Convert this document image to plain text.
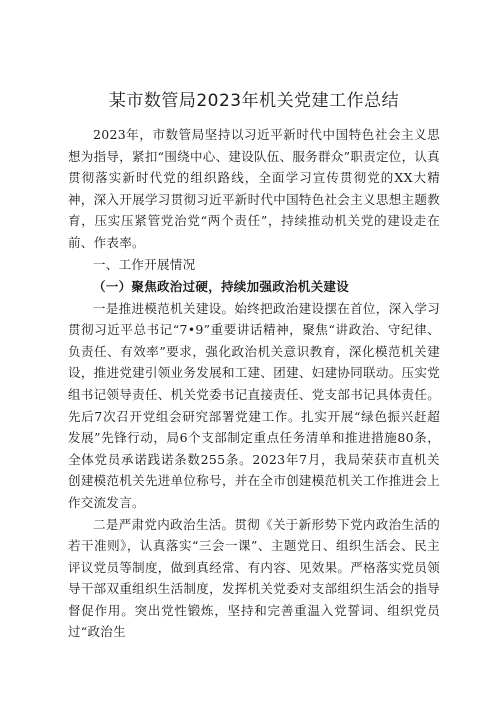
某市数管局2023年机关党建工作总结

2023年，市数管局坚持以习近平新时代中国特色社会主义思想为指导，紧扣“围绕中心、建设队伍、服务群众”职责定位，认真贯彻落实新时代党的组织路线，全面学习宣传贯彻党的XX大精神，深入开展学习贯彻习近平新时代中国特色社会主义思想主题教育，压实压紧管党治党“两个责任”，持续推动机关党的建设走在前、作表率。

一、工作开展情况

（一）聚焦政治过硬，持续加强政治机关建设

一是推进模范机关建设。始终把政治建设摆在首位，深入学习贯彻习近平总书记“7•9”重要讲话精神，聚焦“讲政治、守纪律、负责任、有效率”要求，强化政治机关意识教育，深化模范机关建设，推进党建引领业务发展和工建、团建、妇建协同联动。压实党组书记领导责任、机关党委书记直接责任、党支部书记具体责任。先后7次召开党组会研究部署党建工作。扎实开展“绿色振兴赶超发展”先锋行动，局6个支部制定重点任务清单和推进措施80条，全体党员承诺践诺条数255条。2023年7月，我局荣获市直机关创建模范机关先进单位称号，并在全市创建模范机关工作推进会上作交流发言。

二是严肃党内政治生活。贯彻《关于新形势下党内政治生活的若干准则》，认真落实“三会一课”、主题党日、组织生活会、民主评议党员等制度，做到真经常、有内容、见效果。严格落实党员领导干部双重组织生活制度，发挥机关党委对支部组织生活会的指导督促作用。突出党性锻炼，坚持和完善重温入党誓词、组织党员过“政治生
